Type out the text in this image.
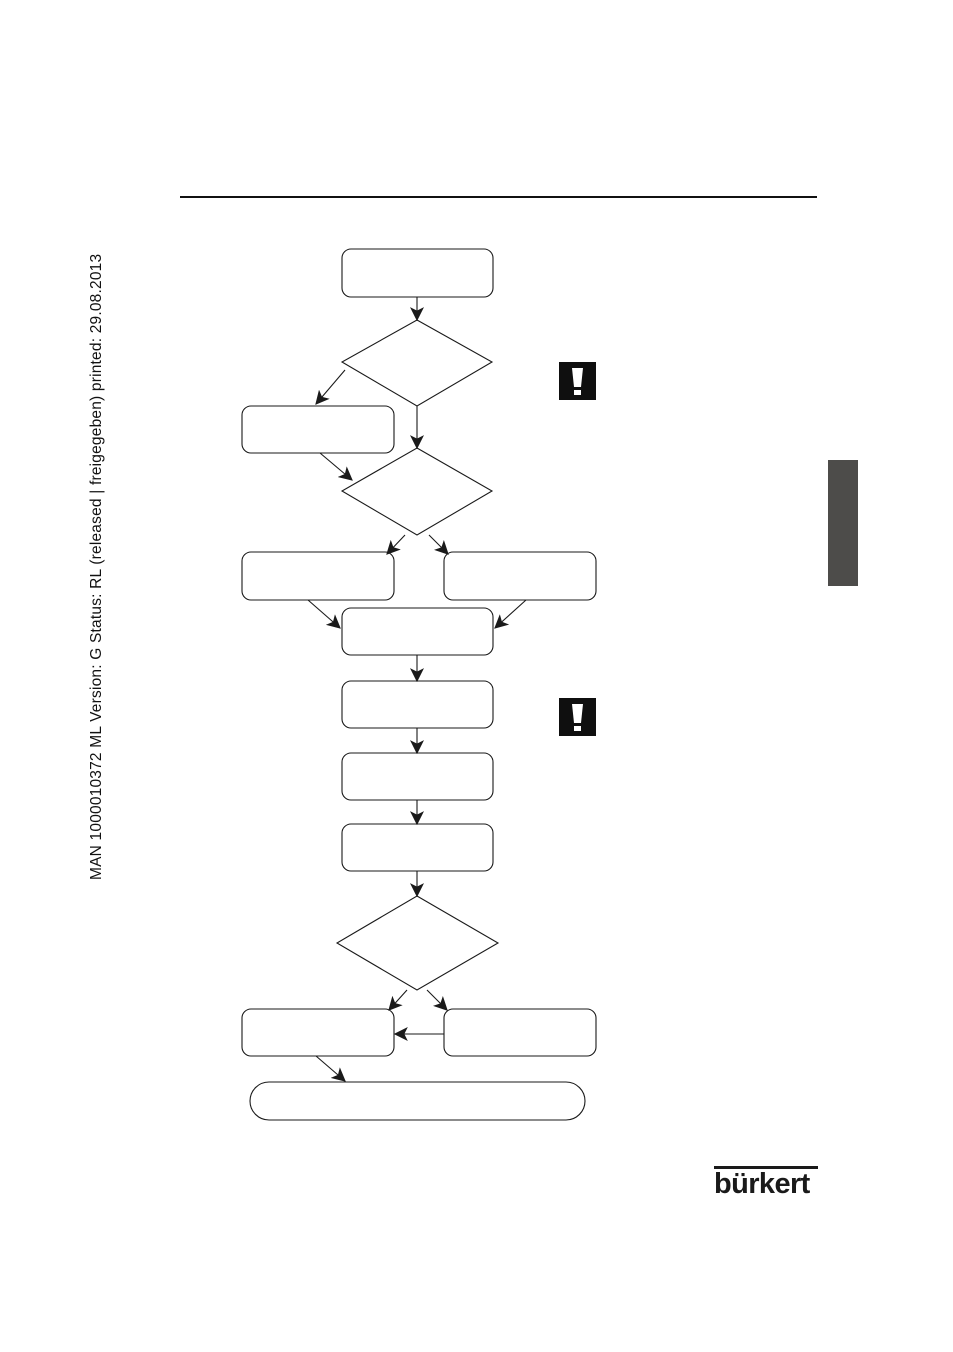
MAN 1000010372 ML Version: G Status: RL (released | freigegeben) printed: 29.08.2013
bürkert
